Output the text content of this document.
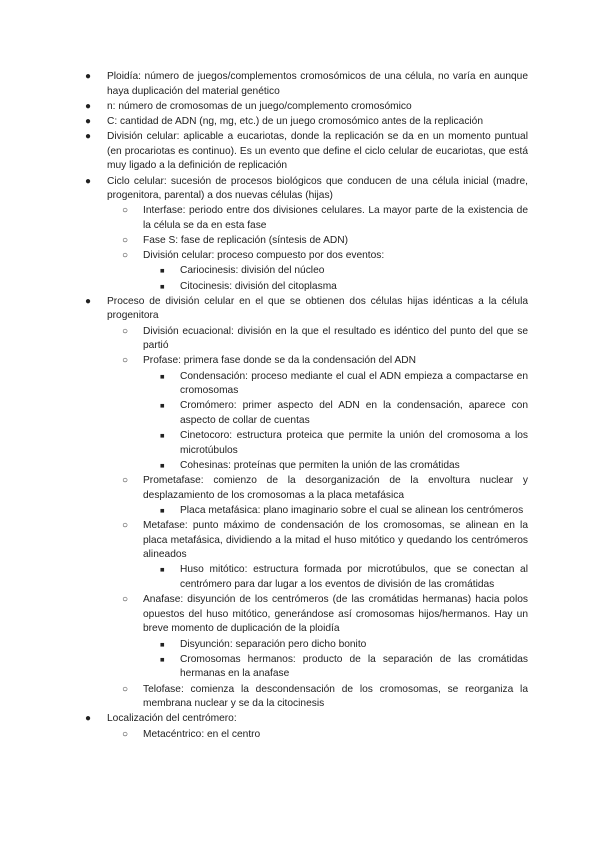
●	Ploidía: número de juegos/complementos cromosómicos de una célula, no varía en aunque haya duplicación del material genético
●	n: número de cromosomas de un juego/complemento cromosómico
●	C: cantidad de ADN (ng, mg, etc.) de un juego cromosómico antes de la replicación
●	División celular: aplicable a eucariotas, donde la replicación se da en un momento puntual (en procariotas es continuo). Es un evento que define el ciclo celular de eucariotas, que está muy ligado a la definición de replicación
●	Ciclo celular: sucesión de procesos biológicos que conducen de una célula inicial (madre, progenitora, parental) a dos nuevas células (hijas)
○	Interfase: periodo entre dos divisiones celulares. La mayor parte de la existencia de la célula se da en esta fase
○	Fase S: fase de replicación (síntesis de ADN)
○	División celular: proceso compuesto por dos eventos:
■	Cariocinesis: división del núcleo
■	Citocinesis: división del citoplasma
●	Proceso de división celular en el que se obtienen dos células hijas idénticas a la célula progenitora
○	División ecuacional: división en la que el resultado es idéntico del punto del que se partió
○	Profase: primera fase donde se da la condensación del ADN
■	Condensación: proceso mediante el cual el ADN empieza a compactarse en cromosomas
■	Cromómero: primer aspecto del ADN en la condensación, aparece con aspecto de collar de cuentas
■	Cinetocoro: estructura proteica que permite la unión del cromosoma a los microtúbulos
■	Cohesinas: proteínas que permiten la unión de las cromátidas
○	Prometafase: comienzo de la desorganización de la envoltura nuclear y desplazamiento de los cromosomas a la placa metafásica
■	Placa metafásica: plano imaginario sobre el cual se alinean los centrómeros
○	Metafase: punto máximo de condensación de los cromosomas, se alinean en la placa metafásica, dividiendo a la mitad el huso mitótico y quedando los centrómeros alineados
■	Huso mitótico: estructura formada por microtúbulos, que se conectan al centrómero para dar lugar a los eventos de división de las cromátidas
○	Anafase: disyunción de los centrómeros (de las cromátidas hermanas) hacia polos opuestos del huso mitótico, generándose así cromosomas hijos/hermanos. Hay un breve momento de duplicación de la ploidía
■	Disyunción: separación pero dicho bonito
■	Cromosomas hermanos: producto de la separación de las cromátidas hermanas en la anafase
○	Telofase: comienza la descondensación de los cromosomas, se reorganiza la membrana nuclear y se da la citocinesis
●	Localización del centrómero:
○	Metacéntrico: en el centro
